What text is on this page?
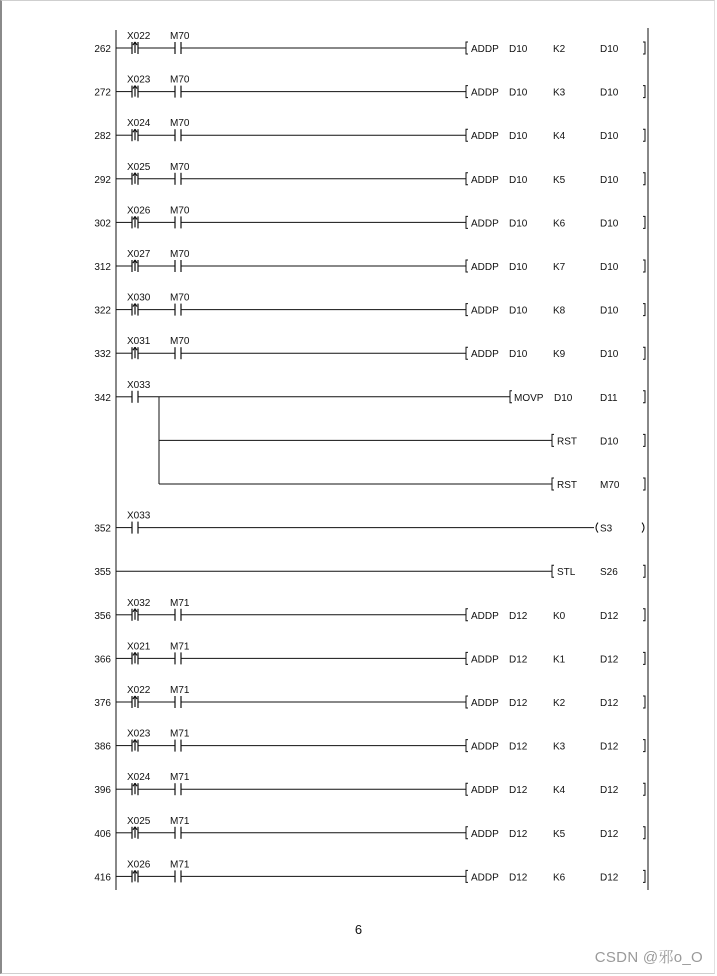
262
X022 M70
ADDP D10	K2	D10
272
X023 M70
ADDP D10	K3	D10
282
X024 M70
ADDP D10	K4	D10
292
X025 M70
ADDP D10	K5	D10
302
X026 M70
ADDP D10	K6	D10
312
X027 M70
ADDP D10	K7	D10
322
X030 M70
ADDP D10	K8	D10
332
X031 M70
ADDP D10	K9	D10
342
X033
MOVP D10	D11
RST D10
RST M70
352
X033
S3
355	STL S26
356
X032 M71
ADDP D12	K0	D12
366
X021 M71
ADDP D12	K1	D12
376
X022 M71
ADDP D12	K2	D12
386
X023 M71
ADDP D12	K3	D12
396
X024 M71
ADDP D12	K4	D12
406
X025 M71
ADDP D12	K5	D12
416
X026 M71
ADDP D12	K6	D12
6
CSDN @邪o_O
